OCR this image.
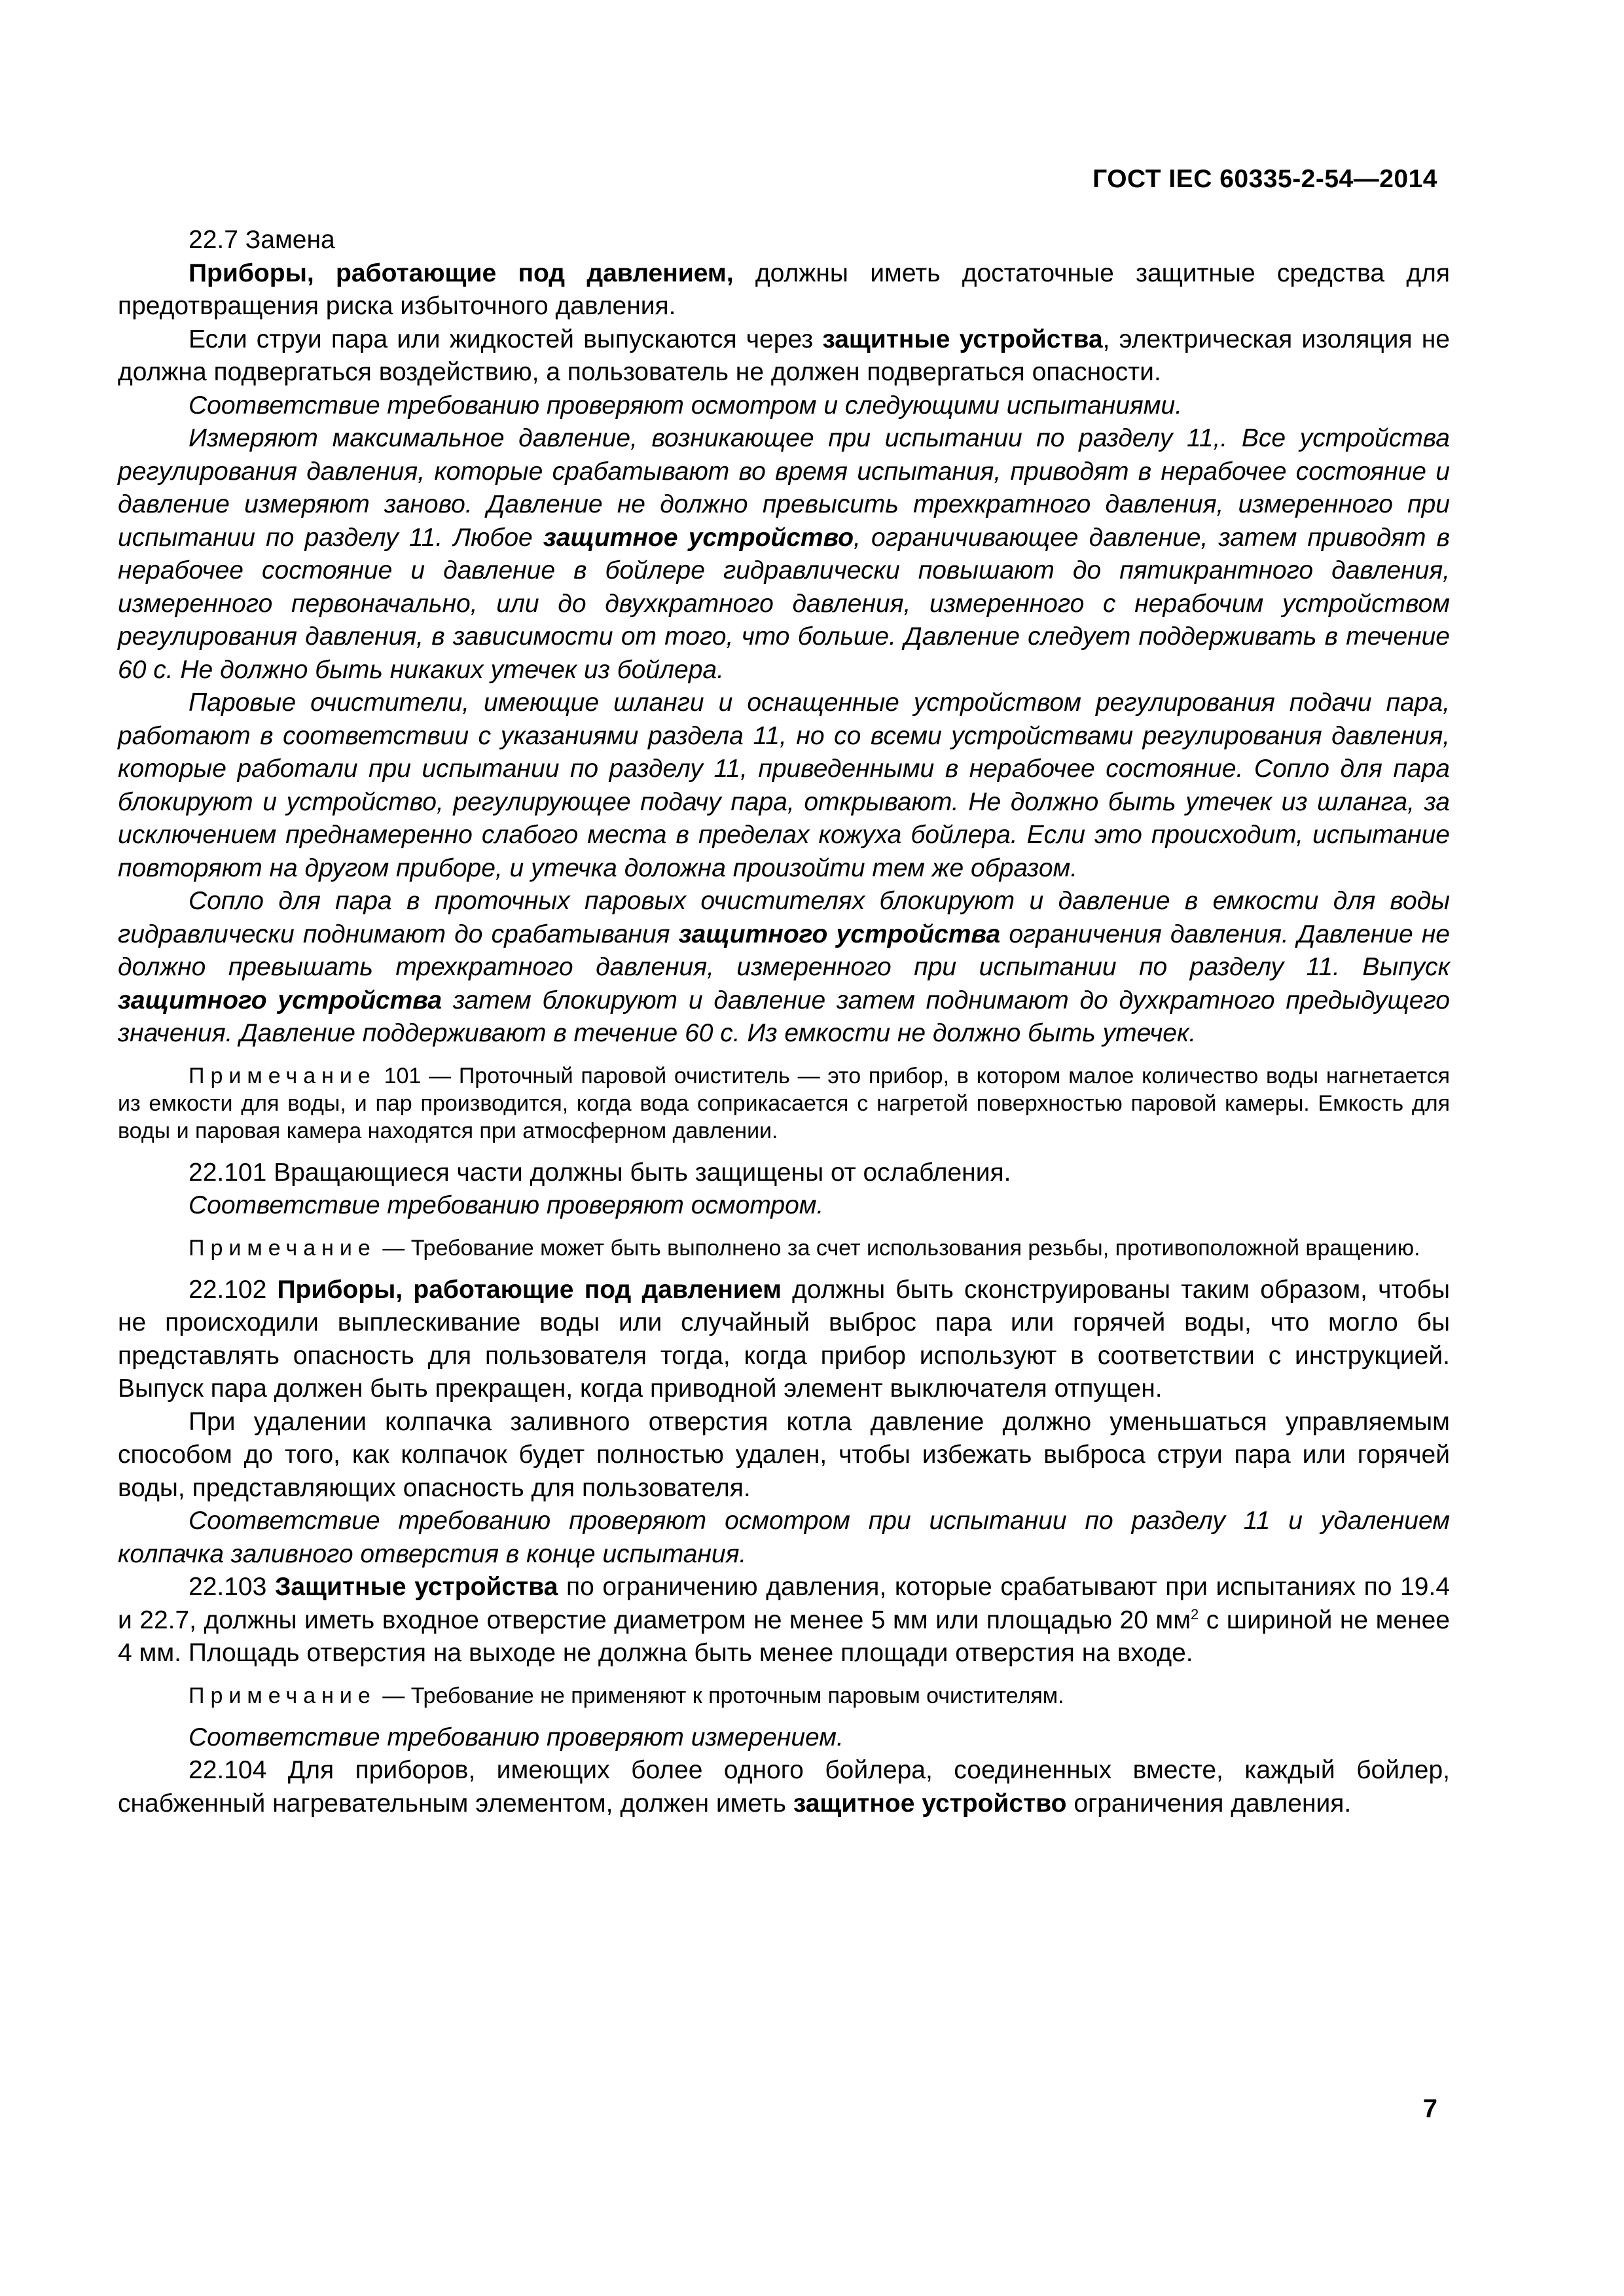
ГОСТ IEC 60335-2-54—2014

22.7 Замена

Приборы, работающие под давлением, должны иметь достаточные защитные средства для предотвращения риска избыточного давления.

Если струи пара или жидкостей выпускаются через защитные устройства, электрическая изоляция не должна подвергаться воздействию, а пользователь не должен подвергаться опасности.

Соответствие требованию проверяют осмотром и следующими испытаниями.

Измеряют максимальное давление, возникающее при испытании по разделу 11,. Все устройства регулирования давления, которые срабатывают во время испытания, приводят в нерабочее состояние и давление измеряют заново. Давление не должно превысить трехкратного давления, измеренного при испытании по разделу 11. Любое защитное устройство, ограничивающее давление, затем приводят в нерабочее состояние и давление в бойлере гидравлически повышают до пятикрантного давления, измеренного первоначально, или до двухкратного давления, измеренного с нерабочим устройством регулирования давления, в зависимости от того, что больше. Давление следует поддерживать в течение 60 с. Не должно быть никаких утечек из бойлера.

Паровые очистители, имеющие шланги и оснащенные устройством регулирования подачи пара, работают в соответствии с указаниями раздела 11, но со всеми устройствами регулирования давления, которые работали при испытании по разделу 11, приведенными в нерабочее состояние. Сопло для пара блокируют и устройство, регулирующее подачу пара, открывают. Не должно быть утечек из шланга, за исключением преднамеренно слабого места в пределах кожуха бойлера. Если это происходит, испытание повторяют на другом приборе, и утечка доложна произойти тем же образом.

Сопло для пара в проточных паровых очистителях блокируют и давление в емкости для воды гидравлически поднимают до срабатывания защитного устройства ограничения давления. Давление не должно превышать трехкратного давления, измеренного при испытании по разделу 11. Выпуск защитного устройства затем блокируют и давление затем поднимают до духкратного предыдущего значения. Давление поддерживают в течение 60 с. Из емкости не должно быть утечек.

Примечание 101 — Проточный паровой очиститель — это прибор, в котором малое количество воды нагнетается из емкости для воды, и пар производится, когда вода соприкасается с нагретой поверхностью паровой камеры. Емкость для воды и паровая камера находятся при атмосферном давлении.

22.101 Вращающиеся части должны быть защищены от ослабления.

Соответствие требованию проверяют осмотром.

Примечание — Требование может быть выполнено за счет использования резьбы, противоположной вращению.

22.102 Приборы, работающие под давлением должны быть сконструированы таким образом, чтобы не происходили выплескивание воды или случайный выброс пара или горячей воды, что могло бы представлять опасность для пользователя тогда, когда прибор используют в соответствии с инструкцией. Выпуск пара должен быть прекращен, когда приводной элемент выключателя отпущен.

При удалении колпачка заливного отверстия котла давление должно уменьшаться управляемым способом до того, как колпачок будет полностью удален, чтобы избежать выброса струи пара или горячей воды, представляющих опасность для пользователя.

Соответствие требованию проверяют осмотром при испытании по разделу 11 и удалением колпачка заливного отверстия в конце испытания.

22.103 Защитные устройства по ограничению давления, которые срабатывают при испытаниях по 19.4 и 22.7, должны иметь входное отверстие диаметром не менее 5 мм или площадью 20 $мм^2$ с шириной не менее 4 мм. Площадь отверстия на выходе не должна быть менее площади отверстия на входе.

Примечание — Требование не применяют к проточным паровым очистителям.

Соответствие требованию проверяют измерением.

22.104 Для приборов, имеющих более одного бойлера, соединенных вместе, каждый бойлер, снабженный нагревательным элементом, должен иметь защитное устройство ограничения давления.

7
